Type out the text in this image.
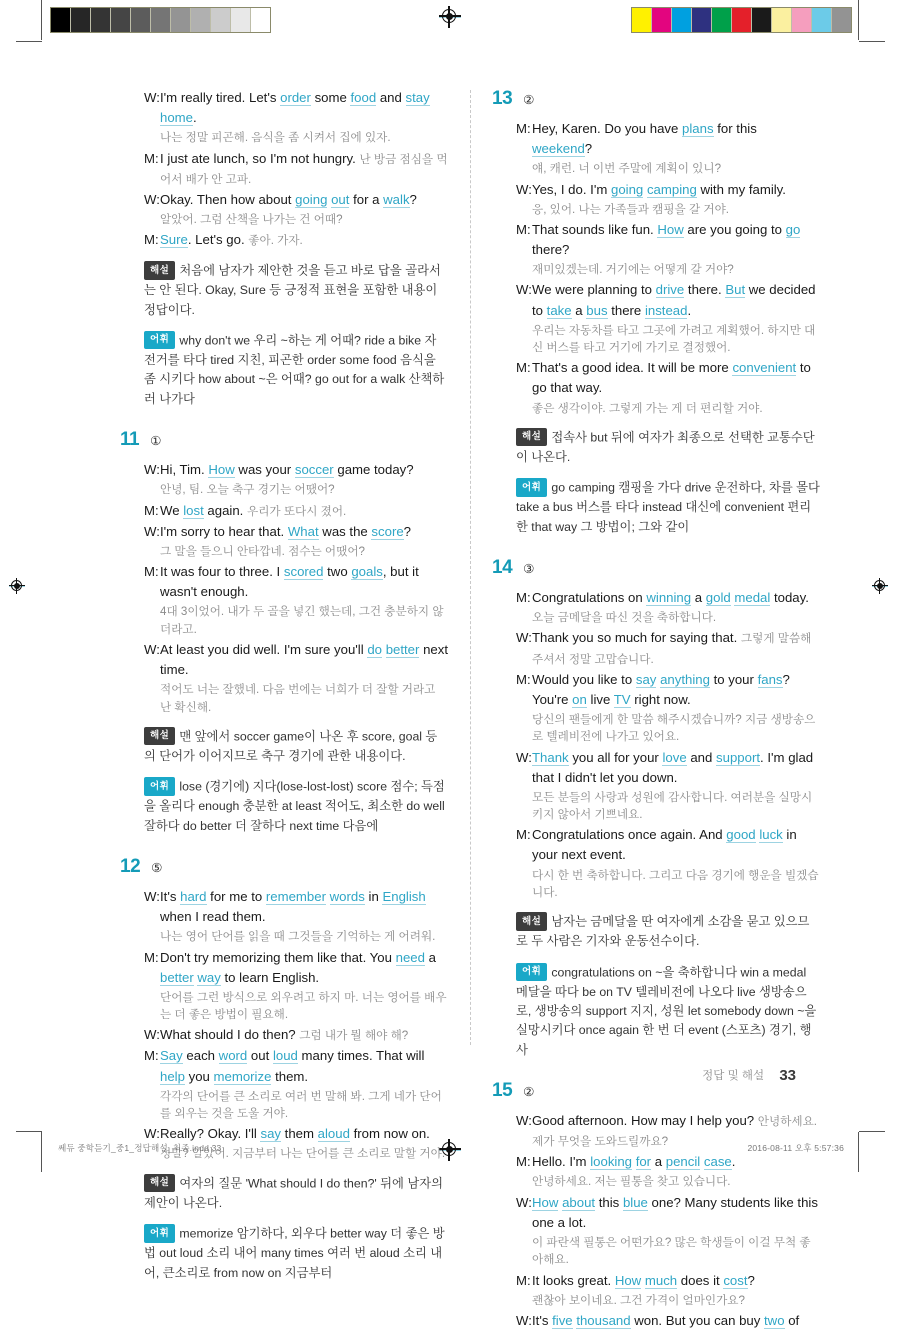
W: I'm really tired. Let's order some food and stay home.
나는 정말 피곤해. 음식을 좀 시켜서 집에 있자.
M: I just ate lunch, so I'm not hungry. 난 방금 점심을 먹어서 배가 안 고파.
W: Okay. Then how about going out for a walk?
알았어. 그럼 산책을 나가는 건 어때?
M: Sure. Let's go. 좋아. 가자.
해설 처음에 남자가 제안한 것을 듣고 바로 답을 골라서는 안 된다. Okay, Sure 등 긍정적 표현을 포함한 내용이 정답이다.
어휘 why don't we 우리 ~하는 게 어때? ride a bike 자전거를 타다 tired 지친, 피곤한 order some food 음식을 좀 시키다 how about ~은 어때? go out for a walk 산책하러 나가다
11 ①
W: Hi, Tim. How was your soccer game today?
안녕, 팀. 오늘 축구 경기는 어땠어?
M: We lost again. 우리가 또다시 졌어.
W: I'm sorry to hear that. What was the score?
그 말을 들으니 안타깝네. 점수는 어땠어?
M: It was four to three. I scored two goals, but it wasn't enough.
4대 3이었어. 내가 두 골을 넣긴 했는데, 그건 충분하지 않더라고.
W: At least you did well. I'm sure you'll do better next time.
적어도 너는 잘했네. 다음 번에는 너희가 더 잘할 거라고 난 확신해.
해설 맨 앞에서 soccer game이 나온 후 score, goal 등의 단어가 이어지므로 축구 경기에 관한 내용이다.
어휘 lose (경기에) 지다(lose-lost-lost) score 점수; 득점을 올리다 enough 충분한 at least 적어도, 최소한 do well 잘하다 do better 더 잘하다 next time 다음에
12 ⑤
W: It's hard for me to remember words in English when I read them.
나는 영어 단어를 읽을 때 그것들을 기억하는 게 어려워.
M: Don't try memorizing them like that. You need a better way to learn English.
단어를 그런 방식으로 외우려고 하지 마. 너는 영어를 배우는 더 좋은 방법이 필요해.
W: What should I do then? 그럼 내가 뭘 해야 해?
M: Say each word out loud many times. That will help you memorize them.
각각의 단어를 큰 소리로 여러 번 말해 봐. 그게 네가 단어를 외우는 것을 도울 거야.
W: Really? Okay. I'll say them aloud from now on.
정말? 알았어. 지금부터 나는 단어를 큰 소리로 말할 거야.
해설 여자의 질문 'What should I do then?' 뒤에 남자의 제안이 나온다.
어휘 memorize 암기하다, 외우다 better way 더 좋은 방법 out loud 소리 내어 many times 여러 번 aloud 소리 내어, 큰소리로 from now on 지금부터
13 ②
M: Hey, Karen. Do you have plans for this weekend?
얘, 캐런. 너 이번 주말에 계획이 있니?
W: Yes, I do. I'm going camping with my family.
응, 있어. 나는 가족들과 캠핑을 갈 거야.
M: That sounds like fun. How are you going to go there?
재미있겠는데. 거기에는 어떻게 갈 거야?
W: We were planning to drive there. But we decided to take a bus there instead.
우리는 자동차를 타고 그곳에 가려고 계획했어. 하지만 대신 버스를 타고 거기에 가기로 결정했어.
M: That's a good idea. It will be more convenient to go that way.
좋은 생각이야. 그렇게 가는 게 더 편리할 거야.
해설 접속사 but 뒤에 여자가 최종으로 선택한 교통수단이 나온다.
어휘 go camping 캠핑을 가다 drive 운전하다, 차를 몰다 take a bus 버스를 타다 instead 대신에 convenient 편리한 that way 그 방법이; 그와 같이
14 ③
M: Congratulations on winning a gold medal today.
오늘 금메달을 따신 것을 축하합니다.
W: Thank you so much for saying that. 그렇게 말씀해 주셔서 정말 고맙습니다.
M: Would you like to say anything to your fans? You're on live TV right now.
당신의 팬들에게 한 말씀 해주시겠습니까? 지금 생방송으로 텔레비전에 나가고 있어요.
W: Thank you all for your love and support. I'm glad that I didn't let you down.
모든 분들의 사랑과 성원에 감사합니다. 여러분을 실망시키지 않아서 기쁘네요.
M: Congratulations once again. And good luck in your next event.
다시 한 번 축하합니다. 그리고 다음 경기에 행운을 빌겠습니다.
해설 남자는 금메달을 딴 여자에게 소감을 묻고 있으므로 두 사람은 기자와 운동선수이다.
어휘 congratulations on ~을 축하합니다 win a medal 메달을 따다 be on TV 텔레비전에 나오다 live 생방송으로, 생방송의 support 지지, 성원 let somebody down ~을 실망시키다 once again 한 번 더 event (스포츠) 경기, 행사
15 ②
W: Good afternoon. How may I help you? 안녕하세요. 제가 무엇을 도와드릴까요?
M: Hello. I'm looking for a pencil case.
안녕하세요. 저는 필통을 찾고 있습니다.
W: How about this blue one? Many students like this one a lot.
이 파란색 필통은 어떤가요? 많은 학생들이 이걸 무척 좋아해요.
M: It looks great. How much does it cost?
괜찮아 보이네요. 그건 가격이 얼마인가요?
W: It's five thousand won. But you can buy two of
정답 및 해설 33
쎄듀 중학듣기_중1_정답해설_최종.indd 33	2016-08-11 오후 5:57:36
